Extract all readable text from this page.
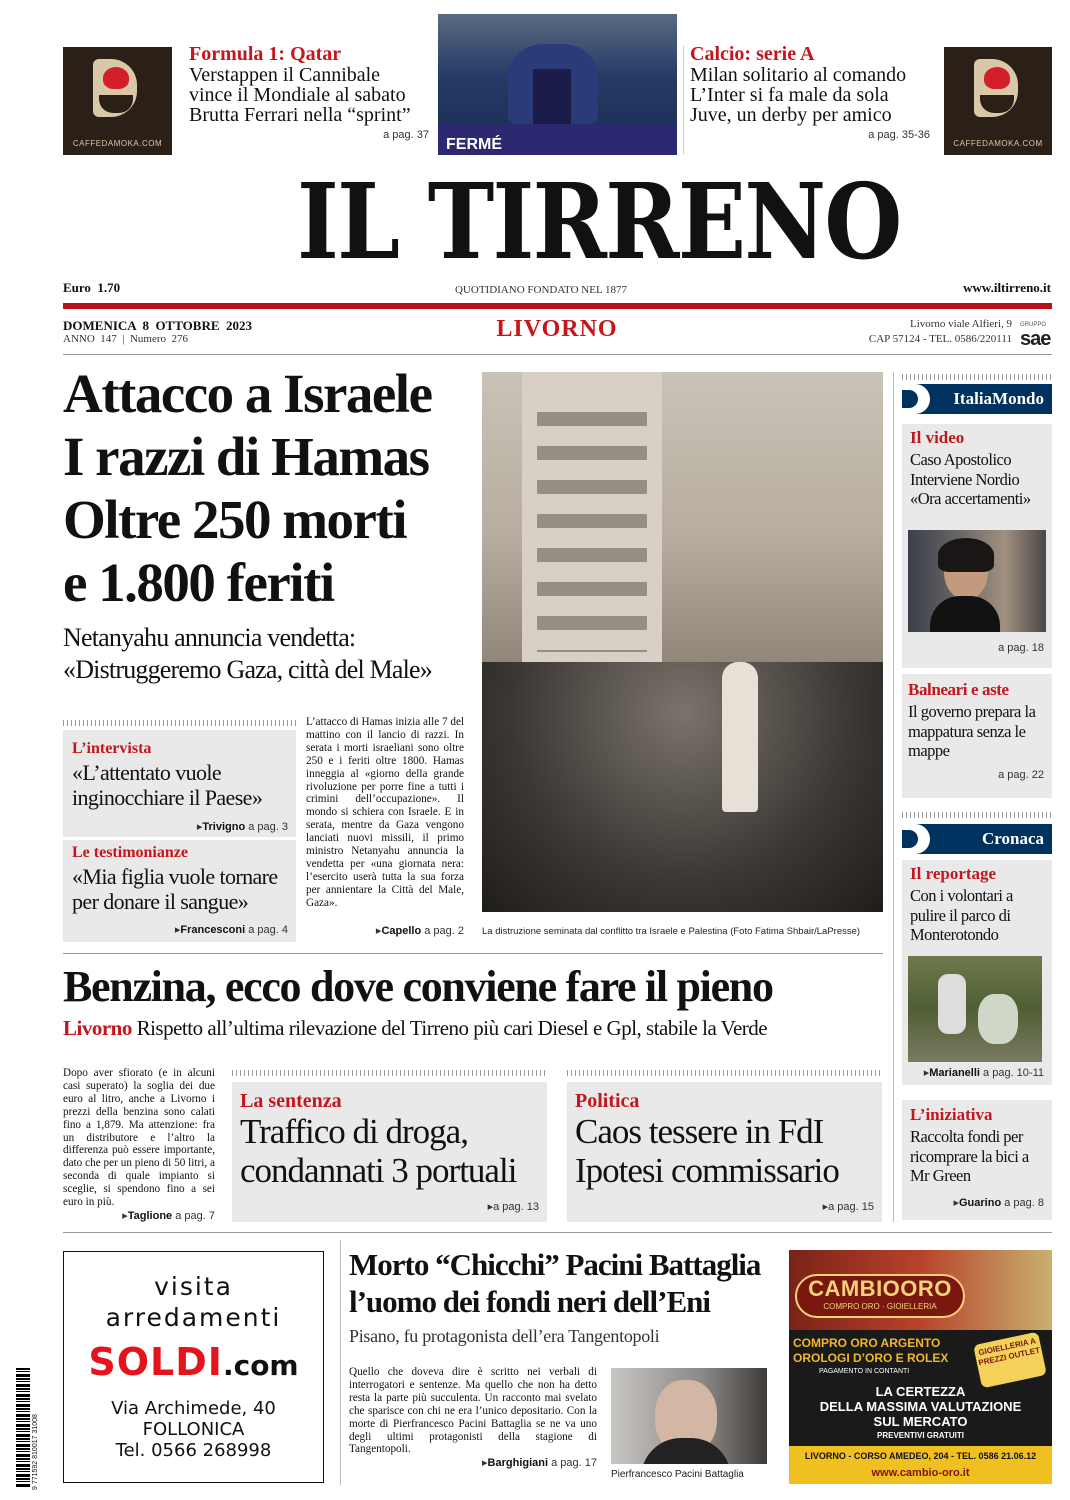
CAFFEDAMOKA.COM
Formula 1: Qatar
Verstappen il Cannibale
vince il Mondiale al sabato
Brutta Ferrari nella “sprint”
a pag. 37
FERMÉ
Calcio: serie A
Milan solitario al comando
L’Inter si fa male da sola
Juve, un derby per amico
a pag. 35-36
CAFFEDAMOKA.COM
IL TIRRENO
QUOTIDIANO FONDATO NEL 1877
Euro  1.70	www.iltirreno.it
DOMENICA  8  OTTOBRE  2023
ANNO  147  |  Numero  276	LIVORNO	Livorno viale Alfieri, 9
CAP 57124 - TEL. 0586/220111
GRUPPO
sae
Attacco a Israele
I razzi di Hamas
Oltre 250 morti
e 1.800 feriti
Netanyahu annuncia vendetta:
«Distruggeremo Gaza, città del Male»
L’intervista
«L’attentato vuole inginocchiare il Paese»
▸Trivigno a pag. 3
Le testimonianze
«Mia figlia vuole tornare per donare il sangue»
▸Francesconi a pag. 4
L’attacco di Hamas inizia alle 7 del mattino con il lancio di razzi. In serata i morti israeliani sono oltre 250 e i feriti oltre 1800. Hamas inneggia al «giorno della grande rivoluzione per porre fine a tutti i crimini dell’occupazione». Il mondo si schiera con Israele. E in serata, mentre da Gaza vengono lanciati nuovi missili, il primo ministro Netanyahu annuncia la vendetta per «una giornata nera: l’esercito userà tutta la sua forza per annientare la Città del Male, Gaza».
▸Capello a pag. 2 La distruzione seminata dal conflitto tra Israele e Palestina (Foto Fatima Shbair/LaPresse)
ItaliaMondo
Il video
Caso Apostolico Interviene Nordio «Ora accertamenti»
a pag. 18
Balneari e aste
Il governo prepara la mappatura senza le mappe
a pag. 22
Cronaca
Il reportage
Con i volontari a pulire il parco di Monterotondo
▸Marianelli a pag. 10-11
L’iniziativa
Raccolta fondi per ricomprare la bici a Mr Green
▸Guarino a pag. 8
Benzina, ecco dove conviene fare il pieno
Livorno Rispetto all’ultima rilevazione del Tirreno più cari Diesel e Gpl, stabile la Verde
Dopo aver sfiorato (e in alcuni casi superato) la soglia dei due euro al litro, anche a Livorno i prezzi della benzina sono calati fino a 1,879. Ma attenzione: fra un distributore e l’altro la differenza può essere importante, dato che per un pieno di 50 litri, a seconda di quale impianto si sceglie, si spendono fino a sei euro in più.
▸Taglione a pag. 7
La sentenza
Traffico di droga,
condannati 3 portuali
▸a pag. 13
Politica
Caos tessere in FdI
Ipotesi commissario
▸a pag. 15
9 771592 810017 31008
visita
arredamenti
SOLDI.com
Via Archimede, 40
FOLLONICA
Tel. 0566 268998
Morto “Chicchi” Pacini Battaglia
l’uomo dei fondi neri dell’Eni
Pisano, fu protagonista dell’era Tangentopoli
Quello che doveva dire è scritto nei verbali di interrogatori e sentenze. Ma quello che non ha detto resta la parte più succulenta. Un racconto mai svelato che sparisce con chi ne era l’unico depositario. Con la morte di Pierfrancesco Pacini Battaglia se ne va uno degli ultimi protagonisti della stagione di Tangentopoli.
▸Barghigiani a pag. 17
Pierfrancesco Pacini Battaglia
CAMBIOORO
COMPRO ORO · GIOIELLERIA
COMPRO ORO ARGENTO
OROLOGI D’ORO E ROLEX
PAGAMENTO IN CONTANTI
GIOIELLERIA A PREZZI OUTLET
LA CERTEZZA
DELLA MASSIMA VALUTAZIONE
SUL MERCATO
PREVENTIVI GRATUITI
LIVORNO - CORSO AMEDEO, 204 - TEL. 0586 21.06.12
www.cambio-oro.it
